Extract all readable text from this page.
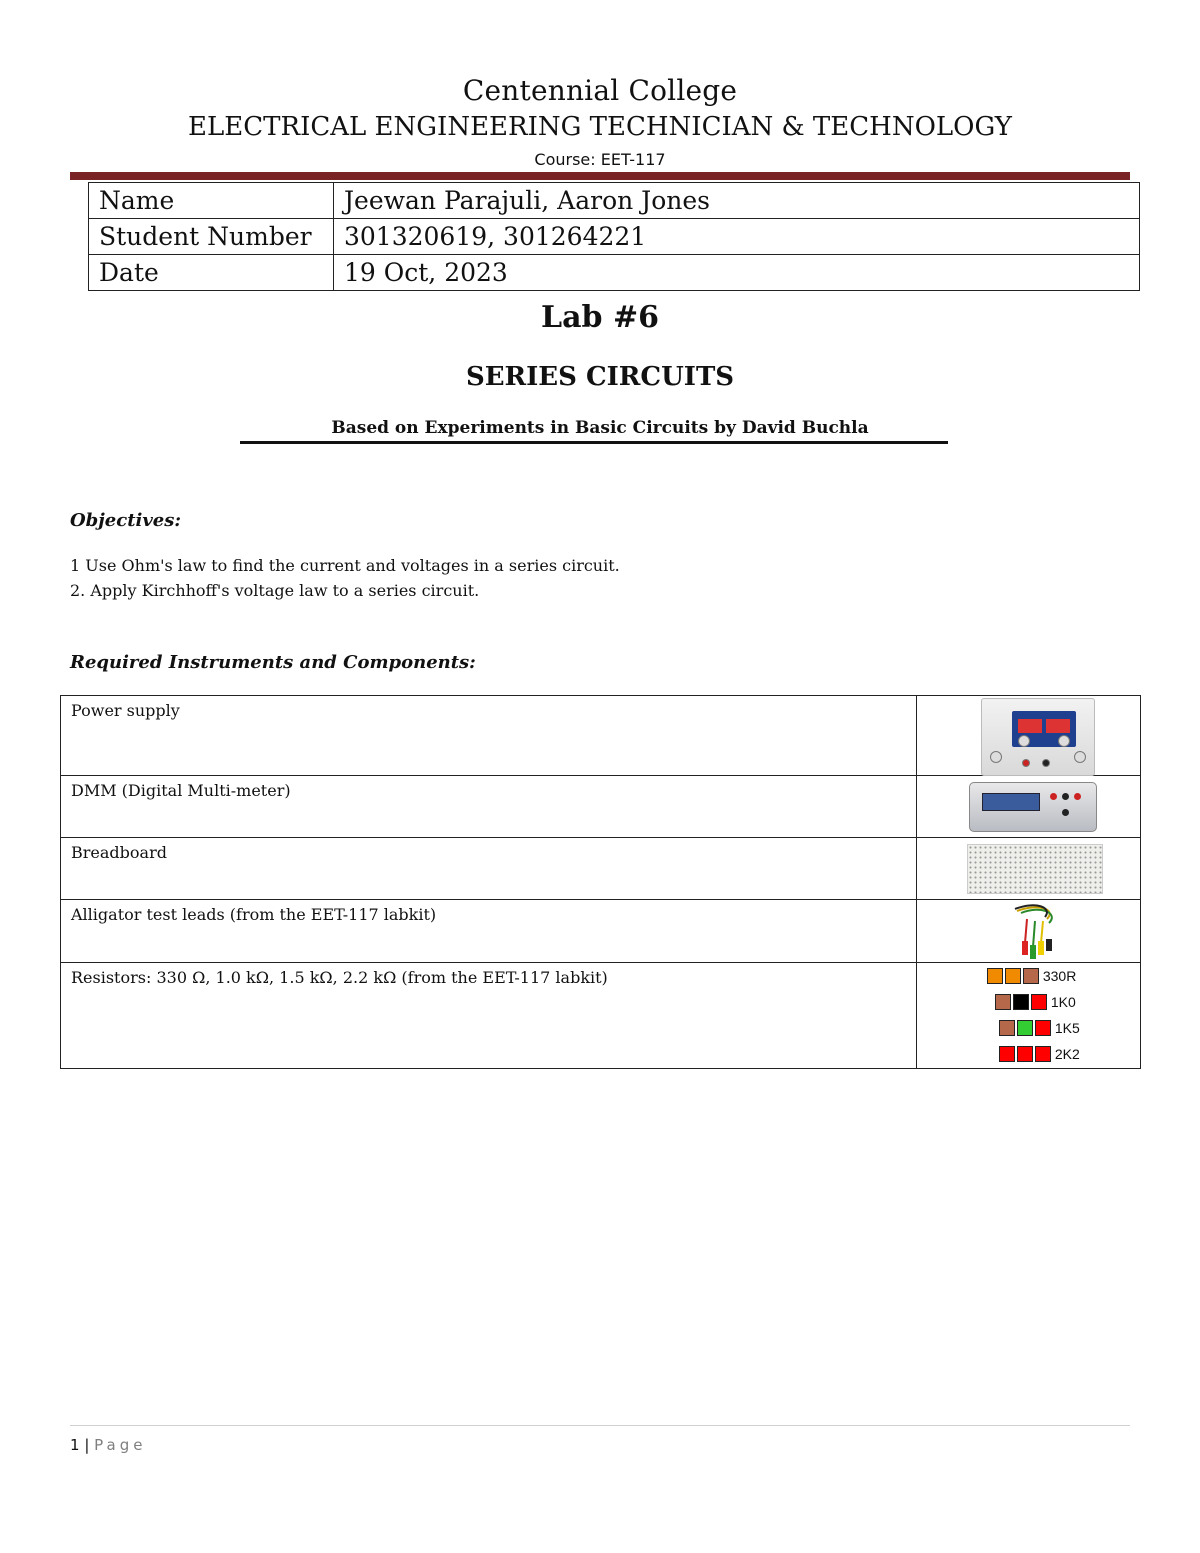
Centennial College
ELECTRICAL ENGINEERING TECHNICIAN & TECHNOLOGY
Course: EET-117
Name	Jeewan Parajuli, Aaron Jones
Student Number	301320619, 301264221
Date	19 Oct, 2023
Lab #6
SERIES CIRCUITS
Based on Experiments in Basic Circuits by David Buchla
Objectives:
1 Use Ohm's law to find the current and voltages in a series circuit.
2. Apply Kirchhoff's voltage law to a series circuit.
Required Instruments and Components:
Power supply	

DMM (Digital Multi-meter)	

Breadboard	

Alligator test leads (from the EET-117 labkit)	

Resistors: 330 Ω, 1.0 kΩ, 1.5 kΩ, 2.2 kΩ (from the EET-117 labkit)	330R
1K0
1K5
2K2
1 | Page
